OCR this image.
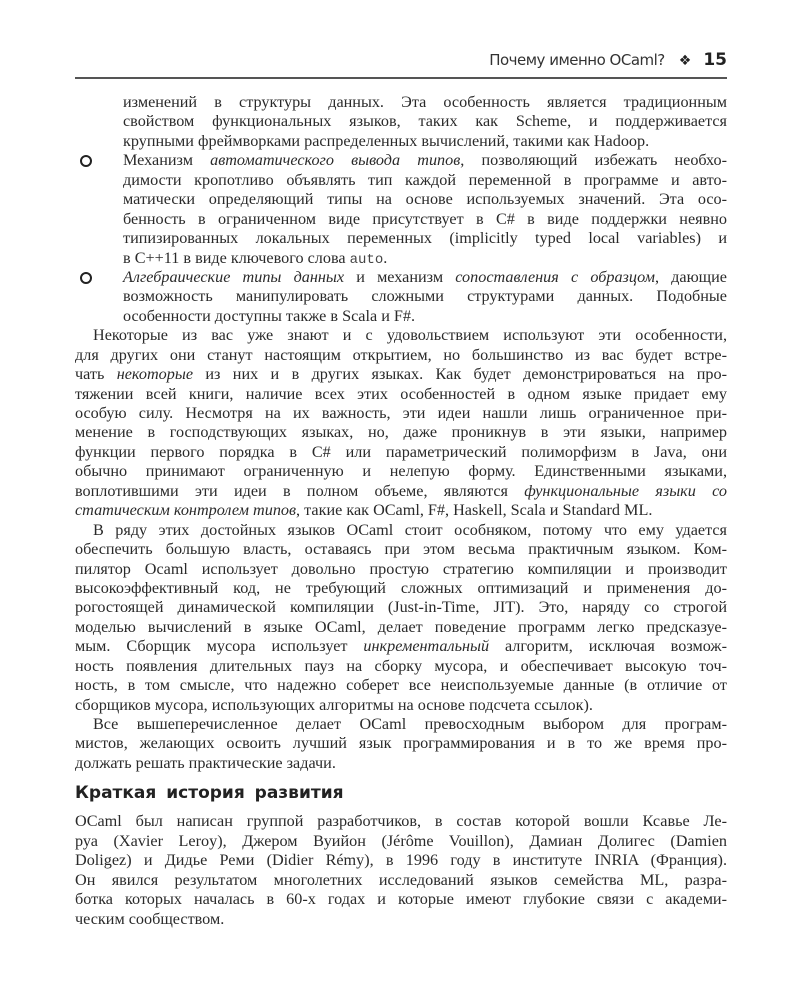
Почему именно OCaml? ❖ 15
изменений в структуры данных. Эта особенность является традиционным
свойством функциональных языков, таких как Scheme, и поддерживается
крупными фреймворками распределенных вычислений, такими как Hadoop.
Механизм автоматического вывода типов, позволяющий избежать необхо-
димости кропотливо объявлять тип каждой переменной в программе и авто-
матически определяющий типы на основе используемых значений. Эта осо-
бенность в ограниченном виде присутствует в C# в виде поддержки неявно
типизированных локальных переменных (implicitly typed local variables) и
в C++11 в виде ключевого слова auto.
Алгебраические типы данных и механизм сопоставления с образцом, дающие
возможность манипулировать сложными структурами данных. Подобные
особенности доступны также в Scala и F#.
Некоторые из вас уже знают и с удовольствием используют эти особенности,
для других они станут настоящим открытием, но большинство из вас будет встре-
чать некоторые из них и в других языках. Как будет демонстрироваться на про-
тяжении всей книги, наличие всех этих особенностей в одном языке придает ему
особую силу. Несмотря на их важность, эти идеи нашли лишь ограниченное при-
менение в господствующих языках, но, даже проникнув в эти языки, например
функции первого порядка в C# или параметрический полиморфизм в Java, они
обычно принимают ограниченную и нелепую форму. Единственными языками,
воплотившими эти идеи в полном объеме, являются функциональные языки со
статическим контролем типов, такие как OCaml, F#, Haskell, Scala и Standard ML.
В ряду этих достойных языков OCaml стоит особняком, потому что ему удается
обеспечить большую власть, оставаясь при этом весьма практичным языком. Ком-
пилятор Ocaml использует довольно простую стратегию компиляции и производит
высокоэффективный код, не требующий сложных оптимизаций и применения до-
рогостоящей динамической компиляции (Just-in-Time, JIT). Это, наряду со строгой
моделью вычислений в языке OCaml, делает поведение программ легко предсказуе-
мым. Сборщик мусора использует инкрементальный алгоритм, исключая возмож-
ность появления длительных пауз на сборку мусора, и обеспечивает высокую точ-
ность, в том смысле, что надежно соберет все неиспользуемые данные (в отличие от
сборщиков мусора, использующих алгоритмы на основе подсчета ссылок).
Все вышеперечисленное делает OCaml превосходным выбором для програм-
мистов, желающих освоить лучший язык программирования и в то же время про-
должать решать практические задачи.
Краткая история развития
OCaml был написан группой разработчиков, в состав которой вошли Ксавье Ле-
руа (Xavier Leroy), Джером Вуийон (Jérôme Vouillon), Дамиан Долигес (Damien
Doligez) и Дидье Реми (Didier Rémy), в 1996 году в институте INRIA (Франция).
Он явился результатом многолетних исследований языков семейства ML, разра-
ботка которых началась в 60-х годах и которые имеют глубокие связи с академи-
ческим сообществом.
